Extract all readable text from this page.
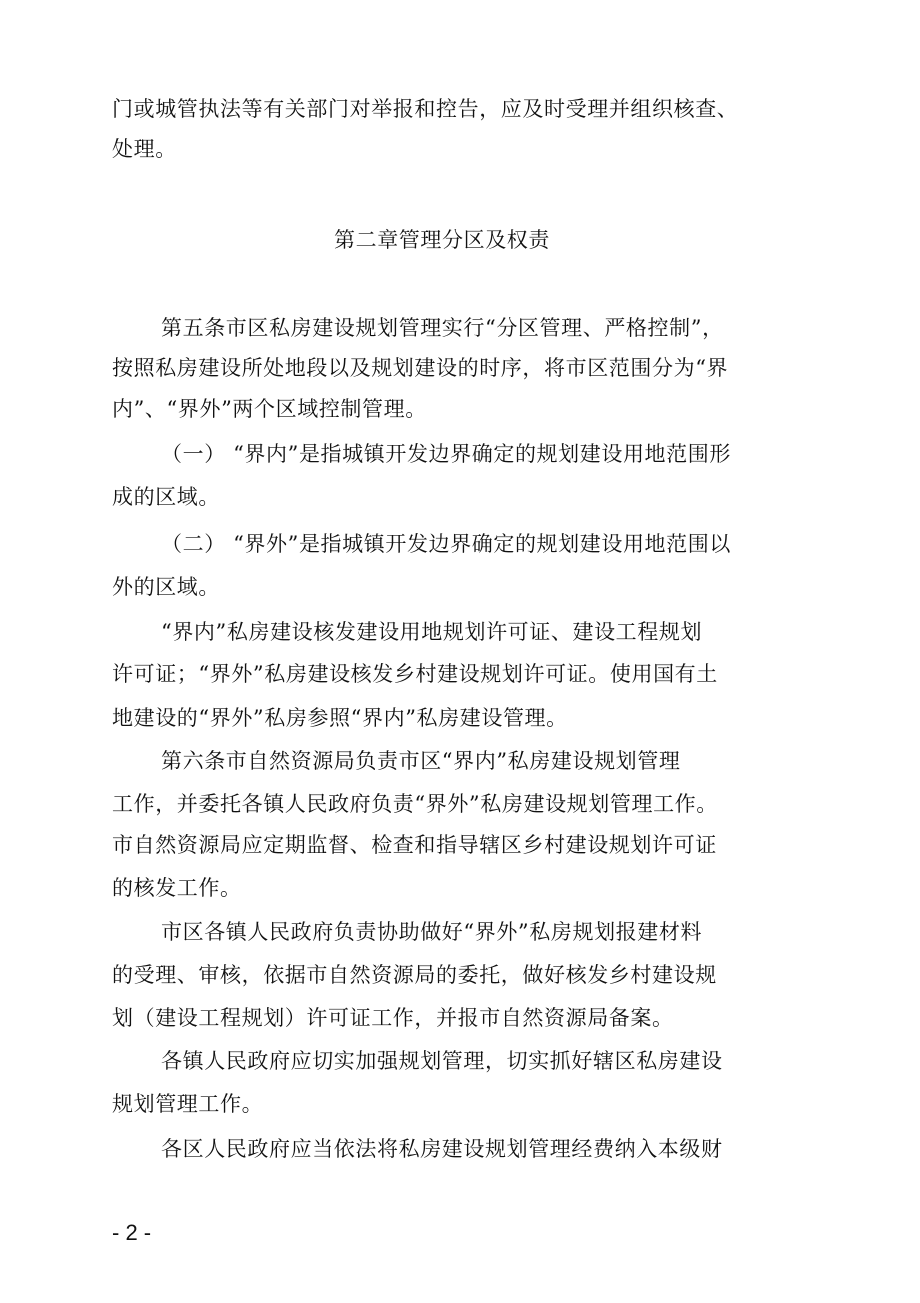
门或城管执法等有关部门对举报和控告，应及时受理并组织核查、
处理。
第二章管理分区及权责
第五条市区私房建设规划管理实行“分区管理、严格控制”，
按照私房建设所处地段以及规划建设的时序，将市区范围分为“界
内”、“界外”两个区域控制管理。
（一） “界内”是指城镇开发边界确定的规划建设用地范围形
成的区域。
（二） “界外”是指城镇开发边界确定的规划建设用地范围以
外的区域。
“界内”私房建设核发建设用地规划许可证、建设工程规划
许可证；“界外”私房建设核发乡村建设规划许可证。使用国有土
地建设的“界外”私房参照“界内”私房建设管理。
第六条市自然资源局负责市区“界内”私房建设规划管理
工作，并委托各镇人民政府负责“界外”私房建设规划管理工作。
市自然资源局应定期监督、检查和指导辖区乡村建设规划许可证
的核发工作。
市区各镇人民政府负责协助做好“界外”私房规划报建材料
的受理、审核，依据市自然资源局的委托，做好核发乡村建设规
划（建设工程规划）许可证工作，并报市自然资源局备案。
各镇人民政府应切实加强规划管理，切实抓好辖区私房建设
规划管理工作。
各区人民政府应当依法将私房建设规划管理经费纳入本级财
- 2 -
